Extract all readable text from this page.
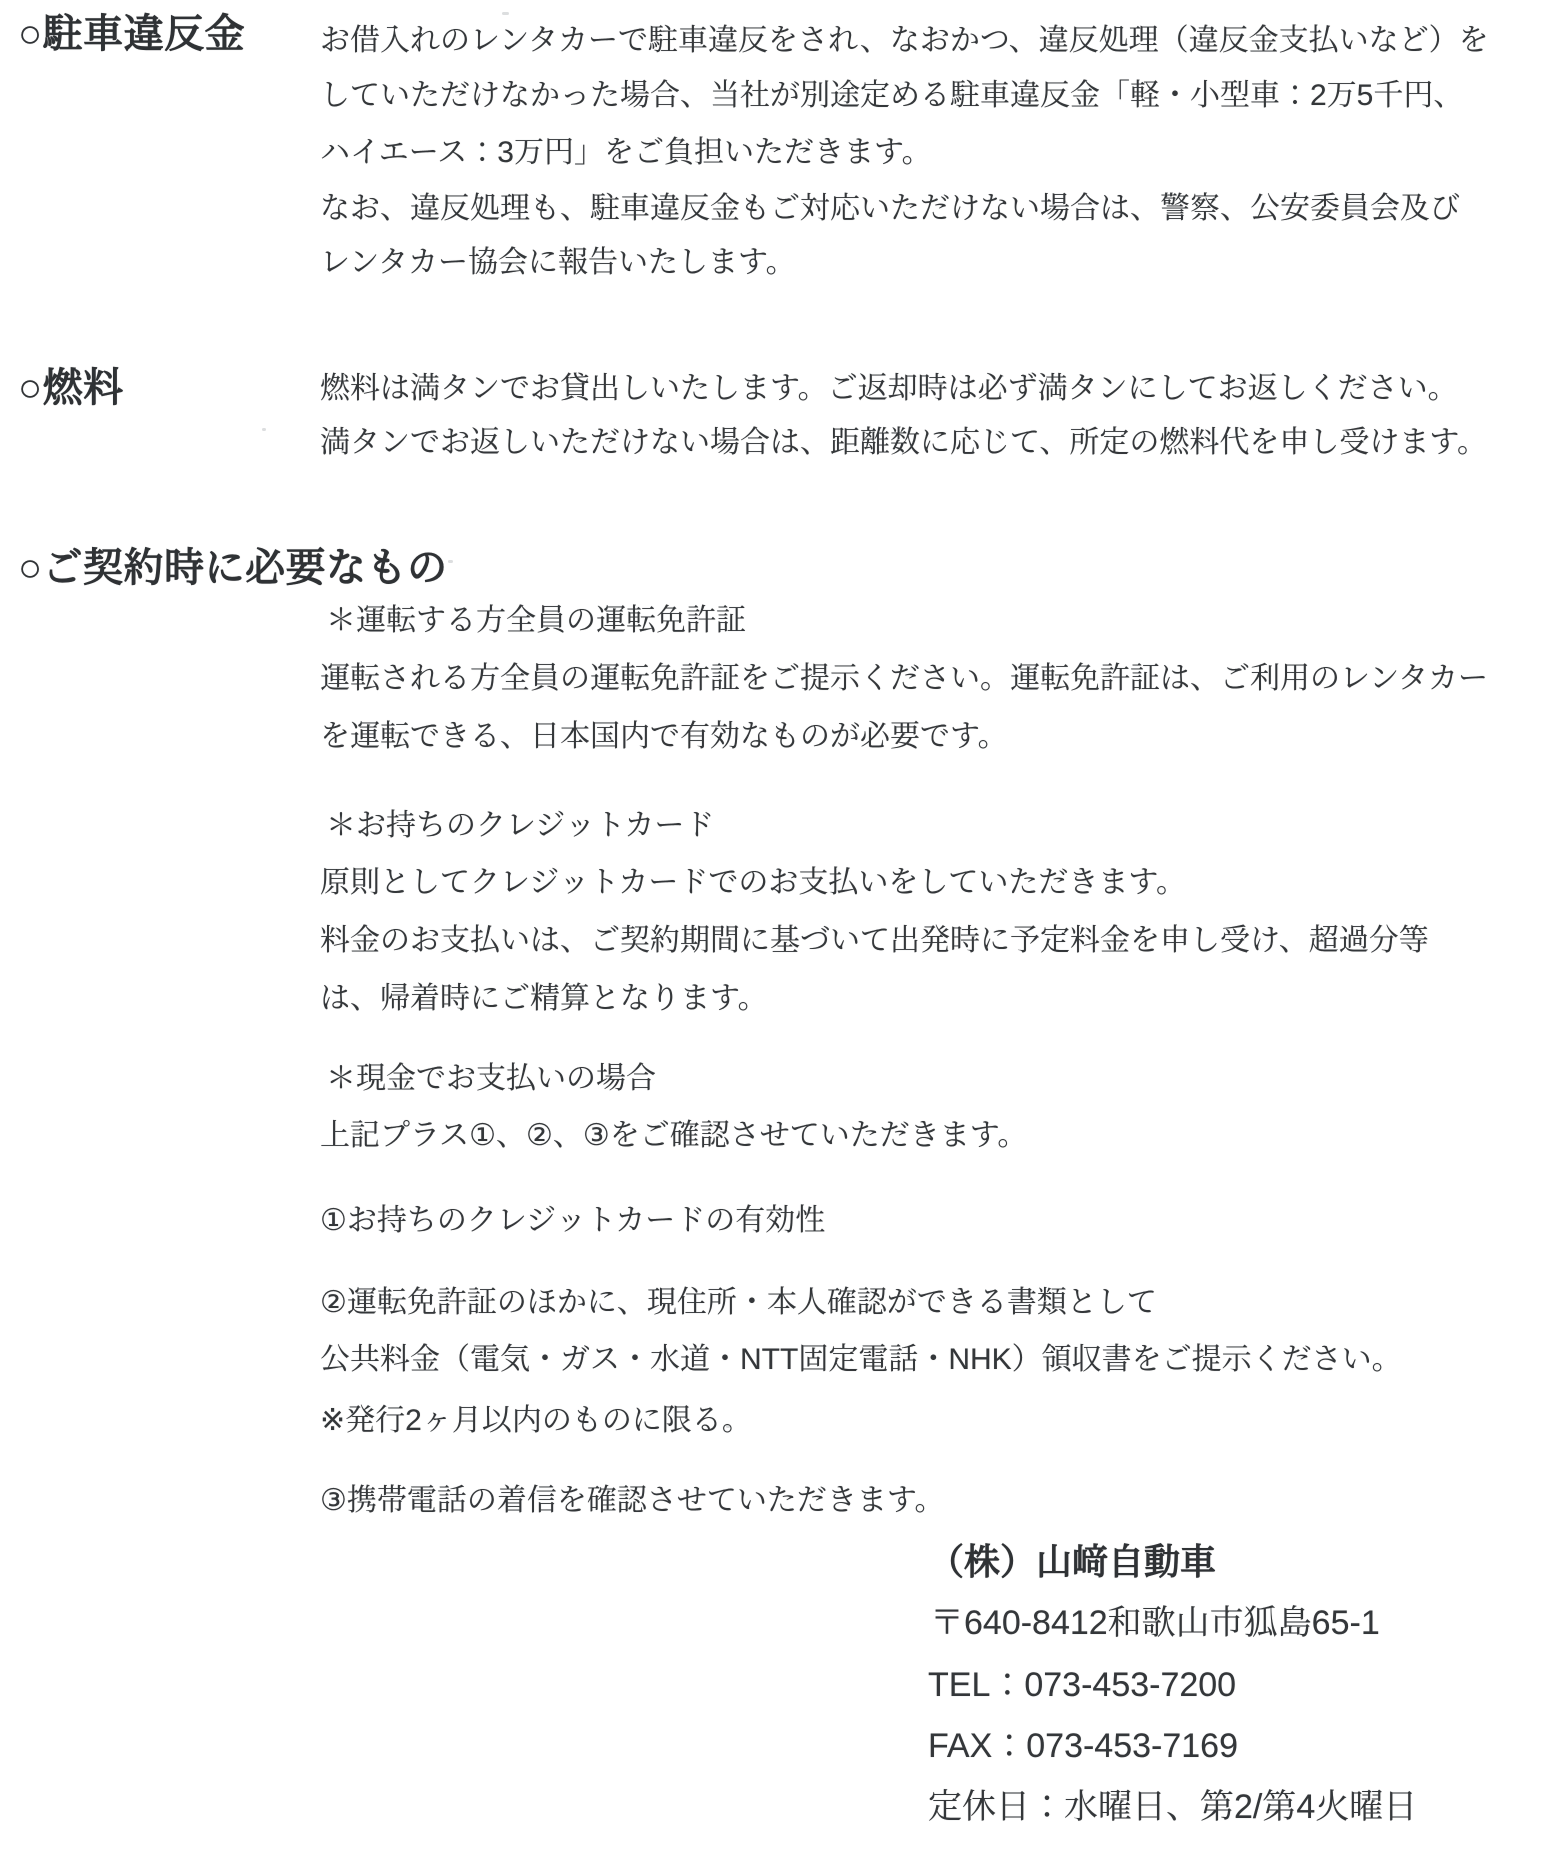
○駐車違反金 お借入れのレンタカーで駐車違反をされ、なおかつ、違反処理（違反金支払いなど）を
していただけなかった場合、当社が別途定める駐車違反金「軽・小型車：2万5千円、
ハイエース：3万円」をご負担いただきます。
なお、違反処理も、駐車違反金もご対応いただけない場合は、警察、公安委員会及び
レンタカー協会に報告いたします。
○燃料	燃料は満タンでお貸出しいたします。ご返却時は必ず満タンにしてお返しください。
満タンでお返しいただけない場合は、距離数に応じて、所定の燃料代を申し受けます。
○ご契約時に必要なもの
＊運転する方全員の運転免許証
運転される方全員の運転免許証をご提示ください。運転免許証は、ご利用のレンタカー
を運転できる、日本国内で有効なものが必要です。
＊お持ちのクレジットカード
原則としてクレジットカードでのお支払いをしていただきます。
料金のお支払いは、ご契約期間に基づいて出発時に予定料金を申し受け、超過分等
は、帰着時にご精算となります。
＊現金でお支払いの場合
上記プラス①、②、③をご確認させていただきます。
①お持ちのクレジットカードの有効性
②運転免許証のほかに、現住所・本人確認ができる書類として
公共料金（電気・ガス・水道・NTT固定電話・NHK）領収書をご提示ください。
※発行2ヶ月以内のものに限る。
③携帯電話の着信を確認させていただきます。
（株）山﨑自動車
〒640-8412和歌山市狐島65-1
TEL：073-453-7200
FAX：073-453-7169
定休日：水曜日、第2/第4火曜日
